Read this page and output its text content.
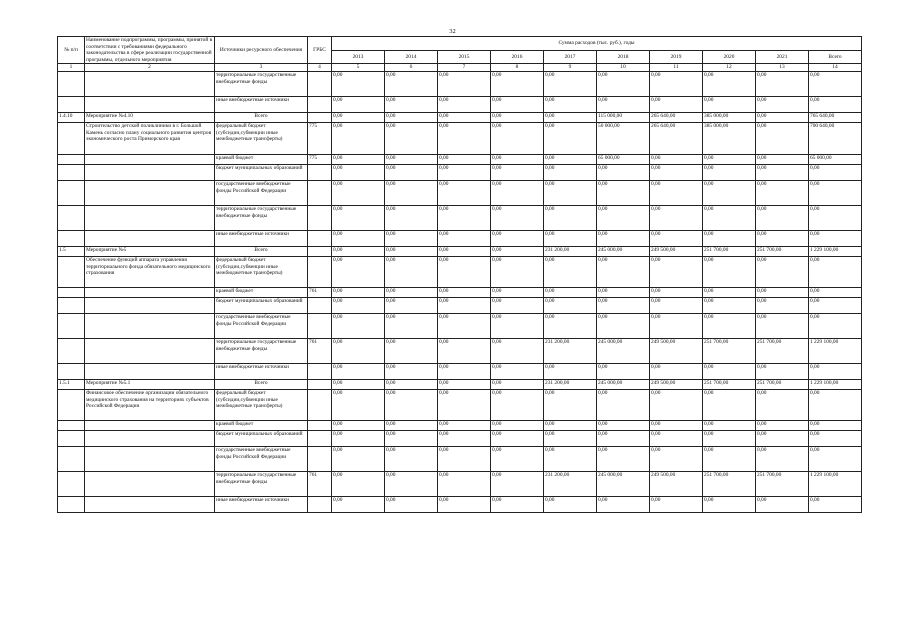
32
№ п/п	Наименование подпрограммы, программы, принятой в соответствии с требованиями федерального законодательства в сфере реализации государственной программы, отдельного мероприятия	Источники ресурсного обеспечения	ГРБС	Сумма расходов (тыс. руб.), годы									
				2013	2014	2015	2016	2017	2018	2019	2020	2021	Всего
1	2	3	4	5	6	7	8	9	10	11	12	13	14
		территориальные государственные внебюджетные фонды		0,00	0,00	0,00	0,00	0,00	0,00	0,00	0,00	0,00	0,00
		иные внебюджетные источники		0,00	0,00	0,00	0,00	0,00	0,00	0,00	0,00	0,00	0,00
1.4.10	Мероприятие №4.10	Всего		0,00	0,00	0,00	0,00	0,00	115 000,00	265 640,00	385 000,00	0,00	765 640,00
	Строительство детской поликлиники в г. Большой Камень согласно плану социального развития центров экономического роста Приморского края	федеральный бюджет (субсидии,субвенции иные межбюджетные трансферты)	775	0,00	0,00	0,00	0,00	0,00	50 000,00	265 640,00	385 000,00	0,00	700 640,00
		краевой бюджет	775	0,00	0,00	0,00	0,00	0,00	65 000,00	0,00	0,00	0,00	65 000,00
		бюджет муниципальных образований		0,00	0,00	0,00	0,00	0,00	0,00	0,00	0,00	0,00	0,00
		государственные внебюджетные фонды Российской Федерации		0,00	0,00	0,00	0,00	0,00	0,00	0,00	0,00	0,00	0,00
		территориальные государственные внебюджетные фонды		0,00	0,00	0,00	0,00	0,00	0,00	0,00	0,00	0,00	0,00
		иные внебюджетные источники		0,00	0,00	0,00	0,00	0,00	0,00	0,00	0,00	0,00	0,00
1.5	Мероприятие №5	Всего		0,00	0,00	0,00	0,00	231 200,00	245 000,00	249 500,00	251 700,00	251 700,00	1 229 100,00
	Обеспечение функций аппарата управления территориального фонда обязательного медицинского страхования	федеральный бюджет (субсидии,субвенции иные межбюджетные трансферты)		0,00	0,00	0,00	0,00	0,00	0,00	0,00	0,00	0,00	0,00
		краевой бюджет	761	0,00	0,00	0,00	0,00	0,00	0,00	0,00	0,00	0,00	0,00
		бюджет муниципальных образований		0,00	0,00	0,00	0,00	0,00	0,00	0,00	0,00	0,00	0,00
		государственные внебюджетные фонды Российской Федерации		0,00	0,00	0,00	0,00	0,00	0,00	0,00	0,00	0,00	0,00
		территориальные государственные внебюджетные фонды	761	0,00	0,00	0,00	0,00	231 200,00	245 000,00	249 500,00	251 700,00	251 700,00	1 229 100,00
		иные внебюджетные источники		0,00	0,00	0,00	0,00	0,00	0,00	0,00	0,00	0,00	0,00
1.5.1	Мероприятие №5.1	Всего		0,00	0,00	0,00	0,00	231 200,00	245 000,00	249 500,00	251 700,00	251 700,00	1 229 100,00
	Финансовое обеспечение организации обязательного медицинского страхования на территориях субъектов Российской Федерации	федеральный бюджет (субсидии,субвенции иные межбюджетные трансферты)		0,00	0,00	0,00	0,00	0,00	0,00	0,00	0,00	0,00	0,00
		краевой бюджет		0,00	0,00	0,00	0,00	0,00	0,00	0,00	0,00	0,00	0,00
		бюджет муниципальных образований		0,00	0,00	0,00	0,00	0,00	0,00	0,00	0,00	0,00	0,00
		государственные внебюджетные фонды Российской Федерации		0,00	0,00	0,00	0,00	0,00	0,00	0,00	0,00	0,00	0,00
		территориальные государственные внебюджетные фонды	761	0,00	0,00	0,00	0,00	231 200,00	245 000,00	249 500,00	251 700,00	251 700,00	1 229 100,00
		иные внебюджетные источники		0,00	0,00	0,00	0,00	0,00	0,00	0,00	0,00	0,00	0,00
